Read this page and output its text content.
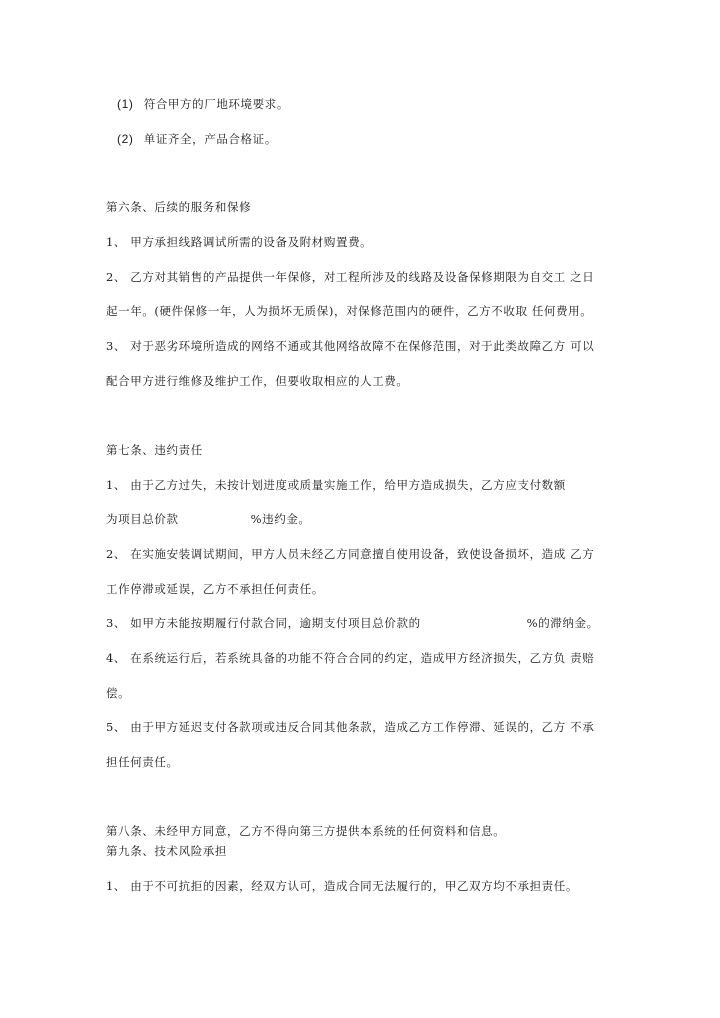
(1) 符合甲方的厂地环境要求。
(2) 单证齐全，产品合格证。
第六条、后续的服务和保修
1、 甲方承担线路调试所需的设备及附材购置费。
2、 乙方对其销售的产品提供一年保修，对工程所涉及的线路及设备保修期限为自交工 之日
起一年。(硬件保修一年，人为损坏无质保)，对保修范围内的硬件，乙方不收取 任何费用。
3、 对于恶劣环境所造成的网络不通或其他网络故障不在保修范围，对于此类故障乙方 可以
配合甲方进行维修及维护工作，但要收取相应的人工费。
第七条、违约责任
1、 由于乙方过失，未按计划进度或质量实施工作，给甲方造成损失，乙方应支付数额
为项目总价款	%违约金。
2、 在实施安装调试期间，甲方人员未经乙方同意擅自使用设备，致使设备损坏，造成 乙方
工作停滞或延误，乙方不承担任何责任。
3、 如甲方未能按期履行付款合同，逾期支付项目总价款的	%的滞纳金。
4、 在系统运行后，若系统具备的功能不符合合同的约定，造成甲方经济损失，乙方负 责赔
偿。
5、 由于甲方延迟支付各款项或违反合同其他条款，造成乙方工作停滞、延误的，乙方 不承
担任何责任。
第八条、未经甲方同意，乙方不得向第三方提供本系统的任何资料和信息。
第九条、技术风险承担
1、 由于不可抗拒的因素，经双方认可，造成合同无法履行的，甲乙双方均不承担责任。
